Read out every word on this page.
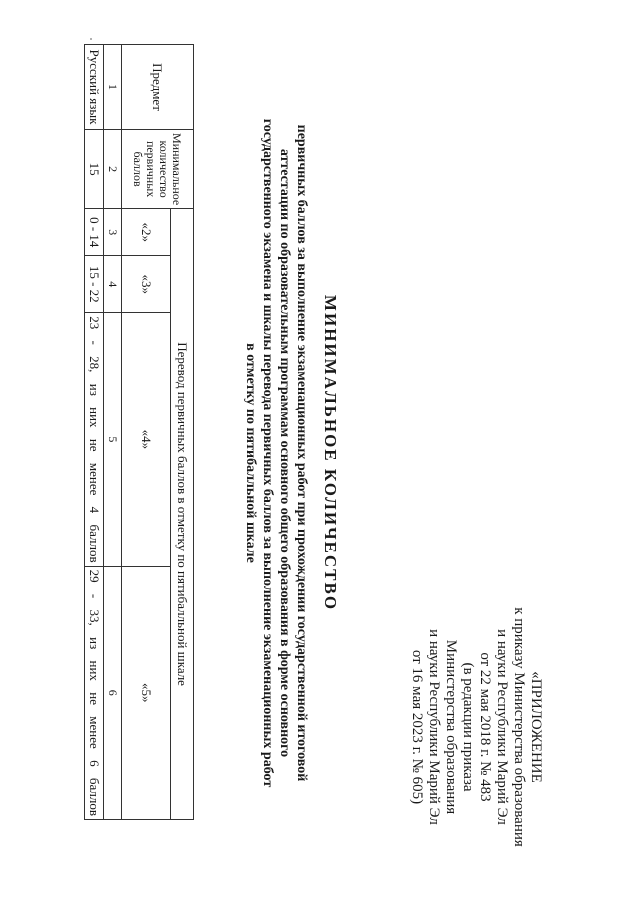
«ПРИЛОЖЕНИЕ
к приказу Министерства образования
и науки Республики Марий Эл
от 22 мая 2018 г. № 483
(в редакции приказа
Министерства образования
и науки Республики Марий Эл
от 16 мая 2023 г. № 605)
МИНИМАЛЬНОЕ КОЛИЧЕСТВО
первичных баллов за выполнение экзаменационных работ при прохождении государственной итоговой
аттестации по образовательным программам основного общего образования в форме основного
государственного экзамена и шкалы перевода первичных баллов за выполнение экзаменационных работ
в отметку по пятибалльной шкале
Предмет	Минимальное количество первичных баллов	Перевод первичных баллов в отметку по пятибалльной шкале			
		«2»	«3»	«4»	«5»
1	2	3	4	5	6
Русский язык	15	0 - 14	15 - 22	23 - 28, из них не менее 4 баллов	29 - 33, из них не менее 6 баллов
